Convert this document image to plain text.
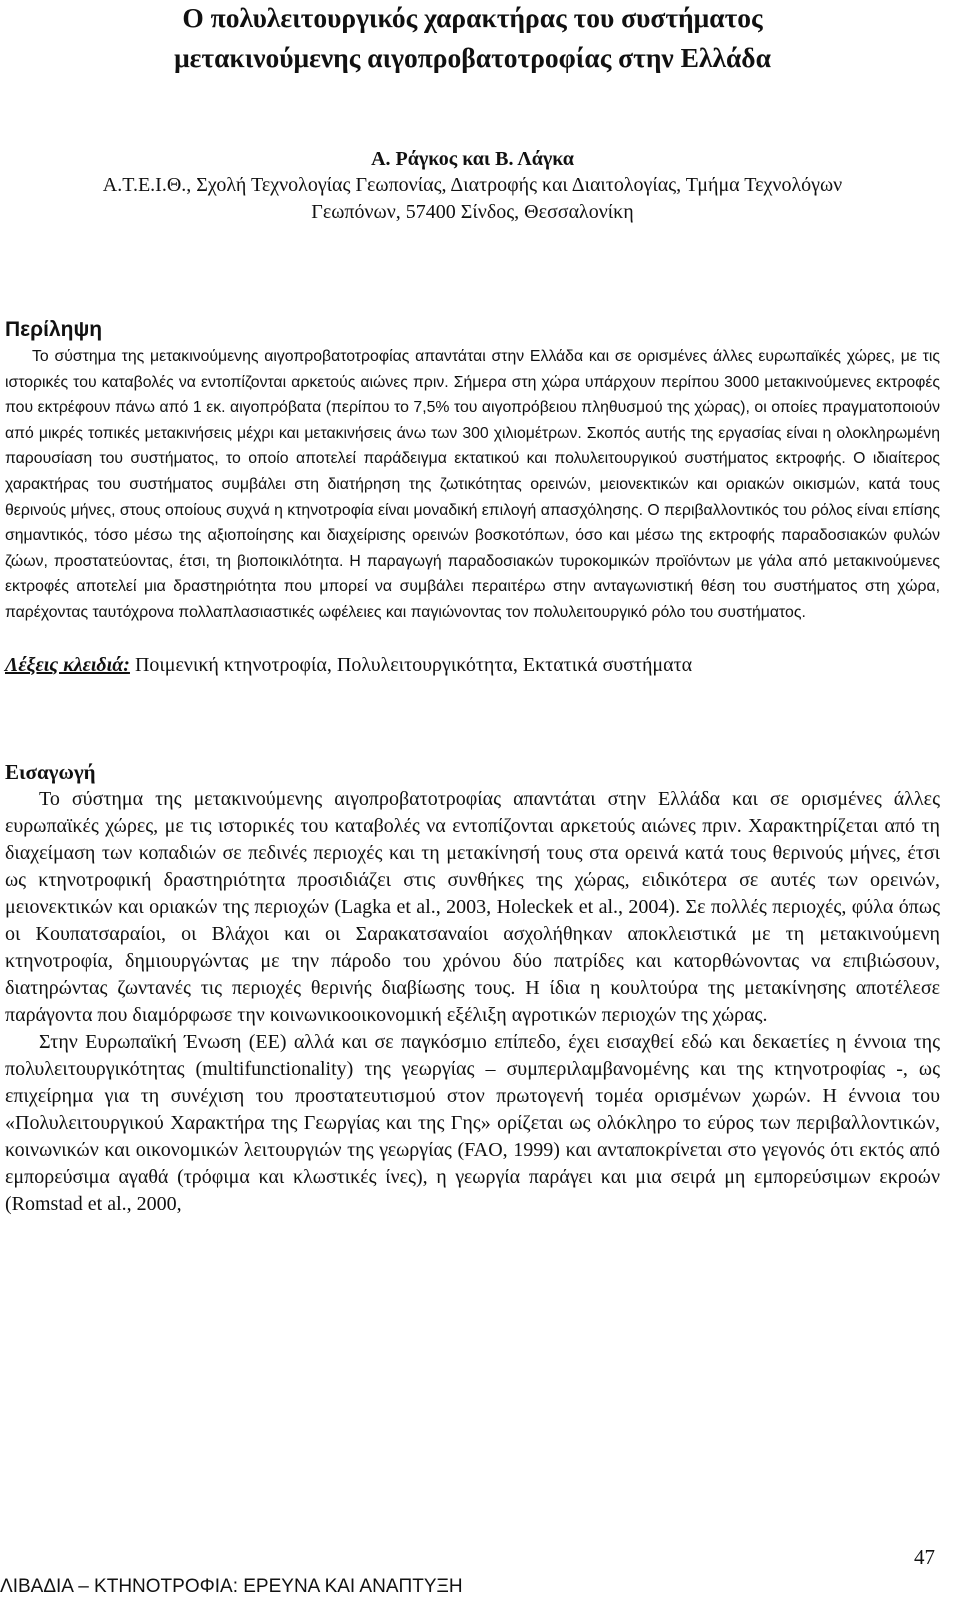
Ο πολυλειτουργικός χαρακτήρας του συστήματος
μετακινούμενης αιγοπροβατοτροφίας στην Ελλάδα
Α. Ράγκος και Β. Λάγκα
Α.Τ.Ε.Ι.Θ., Σχολή Τεχνολογίας Γεωπονίας, Διατροφής και Διαιτολογίας, Τμήμα Τεχνολόγων
Γεωπόνων, 57400 Σίνδος, Θεσσαλονίκη
Περίληψη

Το σύστημα της μετακινούμενης αιγοπροβατοτροφίας απαντάται στην Ελλάδα και σε ορισμένες άλλες ευρωπαϊκές χώρες, με τις ιστορικές του καταβολές να εντοπίζονται αρκετούς αιώνες πριν. Σήμερα στη χώρα υπάρχουν περίπου 3000 μετακινούμενες εκτροφές που εκτρέφουν πάνω από 1 εκ. αιγοπρόβατα (περίπου το 7,5% του αιγοπρόβειου πληθυσμού της χώρας), οι οποίες πραγματοποιούν από μικρές τοπικές μετακινήσεις μέχρι και μετακινήσεις άνω των 300 χιλιομέτρων. Σκοπός αυτής της εργασίας είναι η ολοκληρωμένη παρουσίαση του συστήματος, το οποίο αποτελεί παράδειγμα εκτατικού και πολυλειτουργικού συστήματος εκτροφής. Ο ιδιαίτερος χαρακτήρας του συστήματος συμβάλει στη διατήρηση της ζωτικότητας ορεινών, μειονεκτικών και οριακών οικισμών, κατά τους θερινούς μήνες, στους οποίους συχνά η κτηνοτροφία είναι μοναδική επιλογή απασχόλησης. Ο περιβαλλοντικός του ρόλος είναι επίσης σημαντικός, τόσο μέσω της αξιοποίησης και διαχείρισης ορεινών βοσκοτόπων, όσο και μέσω της εκτροφής παραδοσιακών φυλών ζώων, προστατεύοντας, έτσι, τη βιοποικιλότητα. Η παραγωγή παραδοσιακών τυροκομικών προϊόντων με γάλα από μετακινούμενες εκτροφές αποτελεί μια δραστηριότητα που μπορεί να συμβάλει περαιτέρω στην ανταγωνιστική θέση του συστήματος στη χώρα, παρέχοντας ταυτόχρονα πολλαπλασιαστικές ωφέλειες και παγιώνοντας τον πολυλειτουργικό ρόλο του συστήματος.

Λέξεις κλειδιά: Ποιμενική κτηνοτροφία, Πολυλειτουργικότητα, Εκτατικά συστήματα
Εισαγωγή

Το σύστημα της μετακινούμενης αιγοπροβατοτροφίας απαντάται στην Ελλάδα και σε ορισμένες άλλες ευρωπαϊκές χώρες, με τις ιστορικές του καταβολές να εντοπίζονται αρκετούς αιώνες πριν. Χαρακτηρίζεται από τη διαχείμαση των κοπαδιών σε πεδινές περιοχές και τη μετακίνησή τους στα ορεινά κατά τους θερινούς μήνες, έτσι ως κτηνοτροφική δραστηριότητα προσιδιάζει στις συνθήκες της χώρας, ειδικότερα σε αυτές των ορεινών, μειονεκτικών και οριακών της περιοχών (Lagka et al., 2003, Holeckek et al., 2004). Σε πολλές περιοχές, φύλα όπως οι Κουπατσαραίοι, οι Βλάχοι και οι Σαρακατσαναίοι ασχολήθηκαν αποκλειστικά με τη μετακινούμενη κτηνοτροφία, δημιουργώντας με την πάροδο του χρόνου δύο πατρίδες και κατορθώνοντας να επιβιώσουν, διατηρώντας ζωντανές τις περιοχές θερινής διαβίωσης τους. Η ίδια η κουλτούρα της μετακίνησης αποτέλεσε παράγοντα που διαμόρφωσε την κοινωνικοοικονομική εξέλιξη αγροτικών περιοχών της χώρας.

Στην Ευρωπαϊκή Ένωση (ΕΕ) αλλά και σε παγκόσμιο επίπεδο, έχει εισαχθεί εδώ και δεκαετίες η έννοια της πολυλειτουργικότητας (multifunctionality) της γεωργίας – συμπεριλαμβανομένης και της κτηνοτροφίας -, ως επιχείρημα για τη συνέχιση του προστατευτισμού στον πρωτογενή τομέα ορισμένων χωρών. Η έννοια του «Πολυλειτουργικού Χαρακτήρα της Γεωργίας και της Γης» ορίζεται ως ολόκληρο το εύρος των περιβαλλοντικών, κοινωνικών και οικονομικών λειτουργιών της γεωργίας (FAO, 1999) και ανταποκρίνεται στο γεγονός ότι εκτός από εμπορεύσιμα αγαθά (τρόφιμα και κλωστικές ίνες), η γεωργία παράγει και μια σειρά μη εμπορεύσιμων εκροών (Romstad et al., 2000,

47
ΛΙΒΑΔΙΑ – ΚΤΗΝΟΤΡΟΦΙΑ: ΕΡΕΥΝΑ ΚΑΙ ΑΝΑΠΤΥΞΗ
